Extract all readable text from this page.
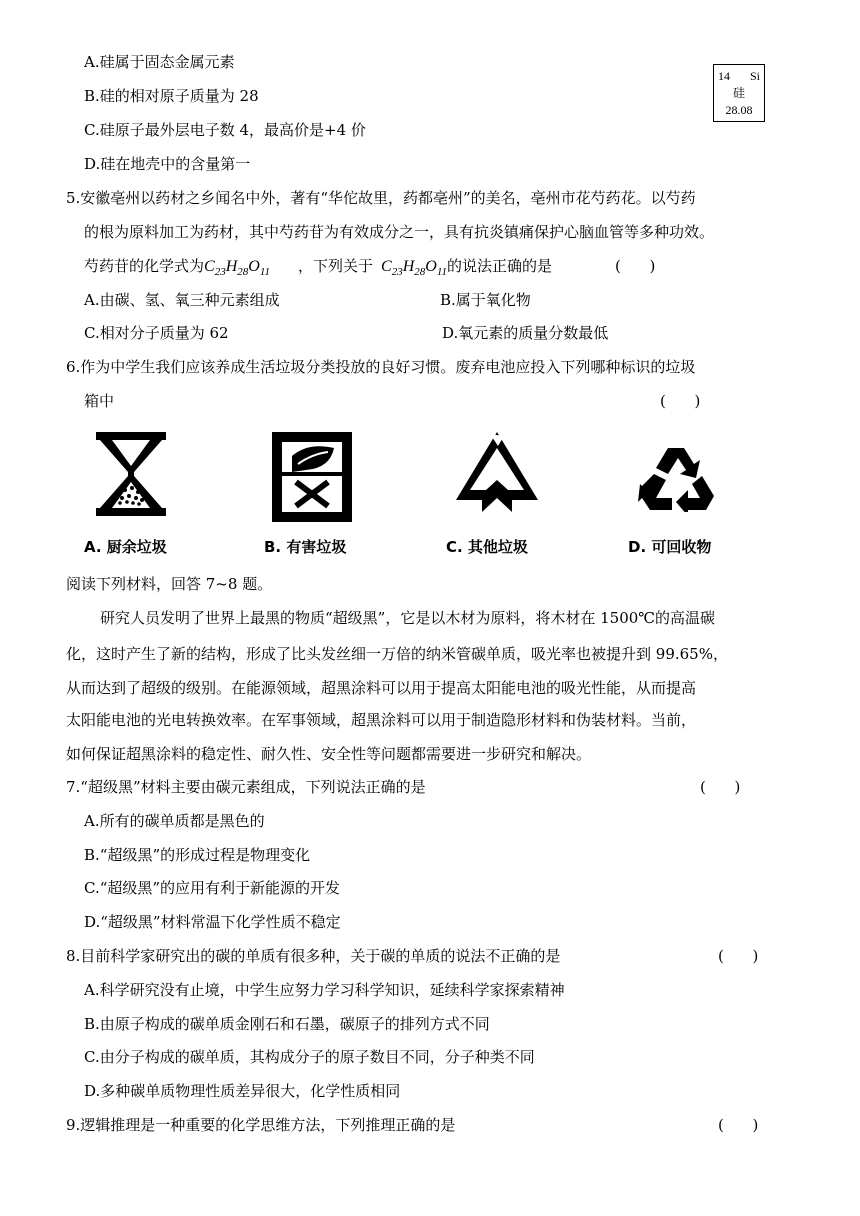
A.硅属于固态金属元素
B.硅的相对原子质量为 28
C.硅原子最外层电子数 4，最高价是+4 价
D.硅在地壳中的含量第一
14 Si
硅
28.08
5.安徽亳州以药材之乡闻名中外，著有“华佗故里，药都亳州”的美名，亳州市花芍药花。以芍药
的根为原料加工为药材，其中芍药苷为有效成分之一，具有抗炎镇痛保护心脑血管等多种功效。
芍药苷的化学式为$C_{23}H_{28}O_{11}$ ，下列关于 $C_{23}H_{28}O_{11}$的说法正确的是	(      )
A.由碳、氢、氧三种元素组成	B.属于氧化物
C.相对分子质量为 62	D.氧元素的质量分数最低
6.作为中学生我们应该养成生活垃圾分类投放的良好习惯。废弃电池应投入下列哪种标识的垃圾
箱中	(      )
A. 厨余垃圾	B. 有害垃圾	C. 其他垃圾	D. 可回收物
阅读下列材料，回答 7~8 题。
研究人员发明了世界上最黑的物质“超级黑”，它是以木材为原料，将木材在 1500℃的高温碳
化，这时产生了新的结构，形成了比头发丝细一万倍的纳米管碳单质，吸光率也被提升到 99.65%，
从而达到了超级的级别。在能源领域，超黑涂料可以用于提高太阳能电池的吸光性能，从而提高
太阳能电池的光电转换效率。在军事领域，超黑涂料可以用于制造隐形材料和伪装材料。当前，
如何保证超黑涂料的稳定性、耐久性、安全性等问题都需要进一步研究和解决。
7.“超级黑”材料主要由碳元素组成，下列说法正确的是	(      )
A.所有的碳单质都是黑色的
B.“超级黑”的形成过程是物理变化
C.“超级黑”的应用有利于新能源的开发
D.“超级黑”材料常温下化学性质不稳定
8.目前科学家研究出的碳的单质有很多种，关于碳的单质的说法不正确的是	(      )
A.科学研究没有止境，中学生应努力学习科学知识，延续科学家探索精神
B.由原子构成的碳单质金刚石和石墨，碳原子的排列方式不同
C.由分子构成的碳单质，其构成分子的原子数目不同，分子种类不同
D.多种碳单质物理性质差异很大，化学性质相同
9.逻辑推理是一种重要的化学思维方法，下列推理正确的是	(      )
